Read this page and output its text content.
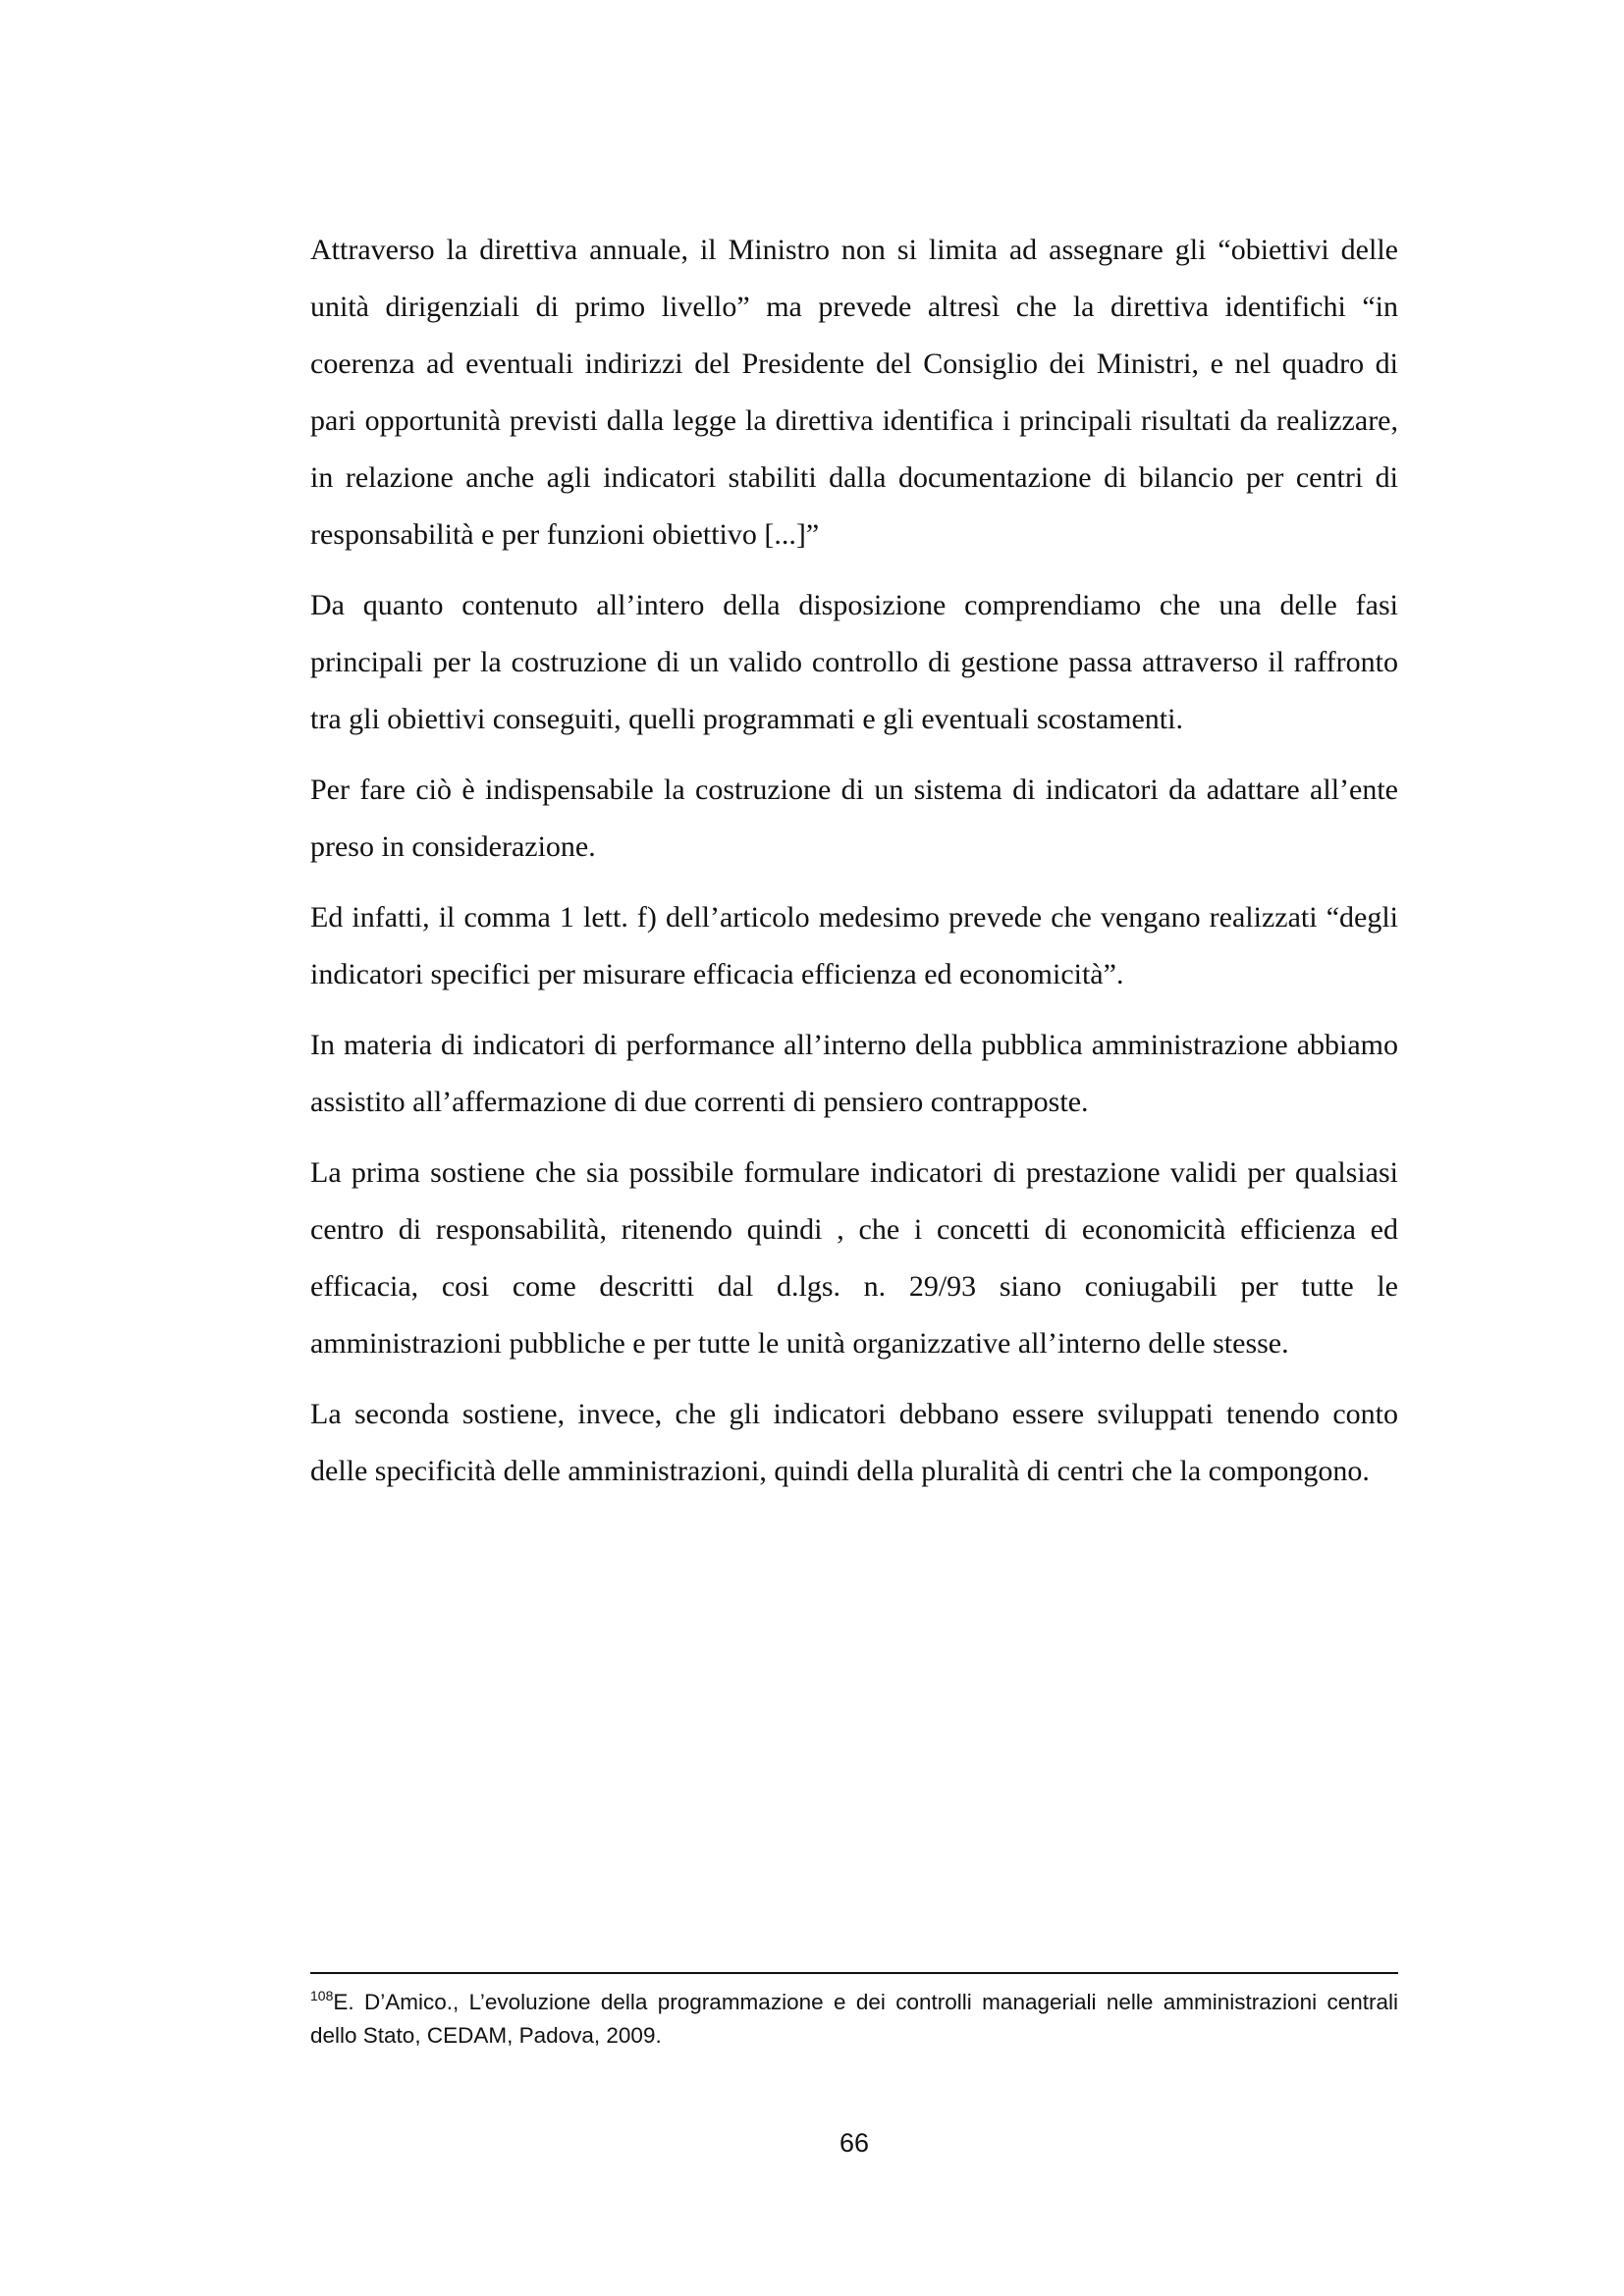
Attraverso la direttiva annuale, il Ministro non si limita ad assegnare gli “obiettivi delle unità dirigenziali di primo livello” ma prevede altresì che la direttiva identifichi “in coerenza ad eventuali indirizzi del Presidente del Consiglio dei Ministri, e nel quadro di pari opportunità previsti dalla legge la direttiva identifica i principali risultati da realizzare, in relazione anche agli indicatori stabiliti dalla documentazione di bilancio per centri di responsabilità e per funzioni obiettivo [...]”

Da quanto contenuto all’intero della disposizione comprendiamo che una delle fasi principali per la costruzione di un valido controllo di gestione passa attraverso il raffronto tra gli obiettivi conseguiti, quelli programmati e gli eventuali scostamenti.

Per fare ciò è indispensabile la costruzione di un sistema di indicatori da adattare all’ente preso in considerazione.

Ed infatti, il comma 1 lett. f) dell’articolo medesimo prevede che vengano realizzati “degli indicatori specifici per misurare efficacia efficienza ed economicità”.

In materia di indicatori di performance all’interno della pubblica amministrazione abbiamo assistito all’affermazione di due correnti di pensiero contrapposte.

La prima sostiene che sia possibile formulare indicatori di prestazione validi per qualsiasi centro di responsabilità, ritenendo quindi , che i concetti di economicità efficienza ed efficacia, cosi come descritti dal d.lgs. n. 29/93 siano coniugabili per tutte le amministrazioni pubbliche e per tutte le unità organizzative all’interno delle stesse.

La seconda sostiene, invece, che gli indicatori debbano essere sviluppati tenendo conto delle specificità delle amministrazioni, quindi della pluralità di centri che la compongono.

$^{108}$E. D’Amico., L’evoluzione della programmazione e dei controlli manageriali nelle amministrazioni centrali dello Stato, CEDAM, Padova, 2009.
66
